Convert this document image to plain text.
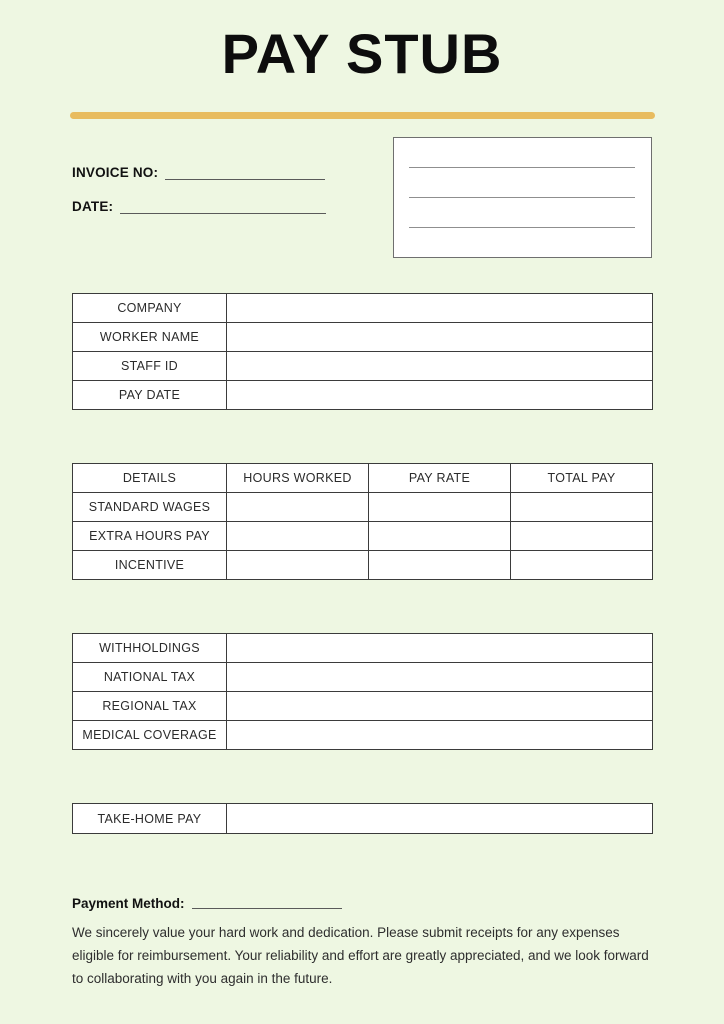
PAY STUB
INVOICE NO:
DATE:
COMPANY	
WORKER NAME	
STAFF ID	
PAY DATE	
DETAILS	HOURS WORKED	PAY RATE	TOTAL PAY
STANDARD WAGES			
EXTRA HOURS PAY			
INCENTIVE			
WITHHOLDINGS	
NATIONAL TAX	
REGIONAL TAX	
MEDICAL COVERAGE	
TAKE-HOME PAY	
Payment Method:
We sincerely value your hard work and dedication. Please submit receipts for any expenses eligible for reimbursement. Your reliability and effort are greatly appreciated, and we look forward to collaborating with you again in the future.
